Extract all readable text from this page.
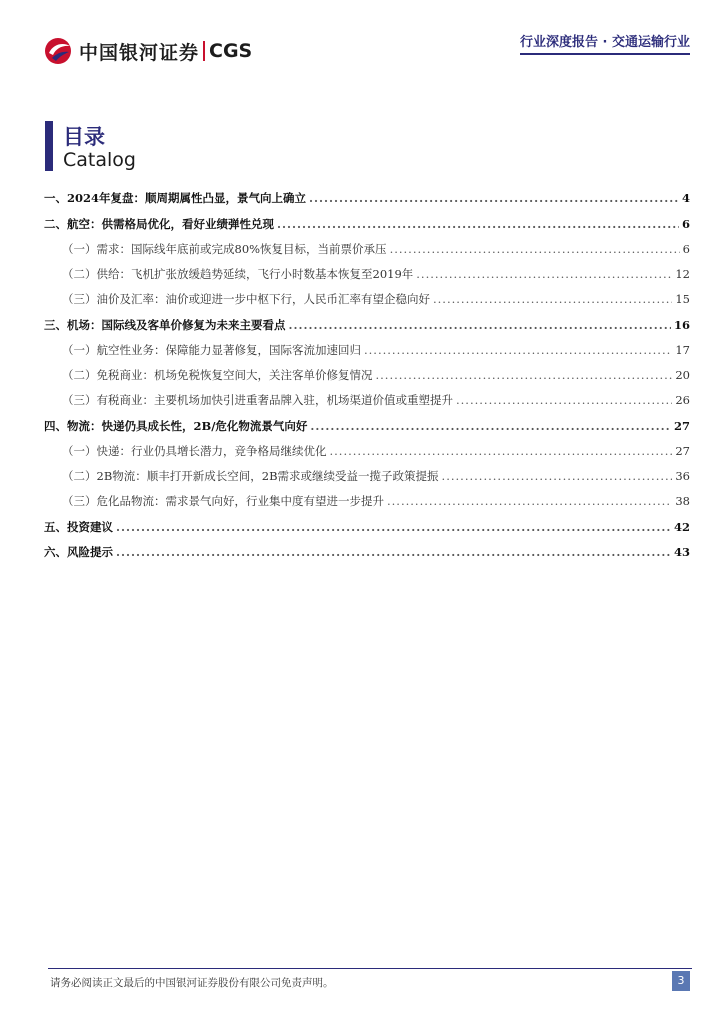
中国银河证券 CGS	行业深度报告 · 交通运输行业
目录
Catalog
一、2024年复盘：顺周期属性凸显，景气向上确立 .....	4
二、航空：供需格局优化，看好业绩弹性兑现 .....	6
（一）需求：国际线年底前或完成80%恢复目标，当前票价承压 .....	6
（二）供给：飞机扩张放缓趋势延续，飞行小时数基本恢复至2019年 .....	12
（三）油价及汇率：油价或迎进一步中枢下行，人民币汇率有望企稳向好 .....	15
三、机场：国际线及客单价修复为未来主要看点 .....	16
（一）航空性业务：保障能力显著修复，国际客流加速回归 .....	17
（二）免税商业：机场免税恢复空间大，关注客单价修复情况 .....	20
（三）有税商业：主要机场加快引进重奢品牌入驻，机场渠道价值或重塑提升 .....	26
四、物流：快递仍具成长性，2B/危化物流景气向好 .....	27
（一）快递：行业仍具增长潜力，竞争格局继续优化 .....	27
（二）2B物流：顺丰打开新成长空间，2B需求或继续受益一揽子政策提振 .....	36
（三）危化品物流：需求景气向好，行业集中度有望进一步提升 .....	38
五、投资建议 .....	42
六、风险提示 .....	43
请务必阅读正文最后的中国银河证券股份有限公司免责声明。	3
